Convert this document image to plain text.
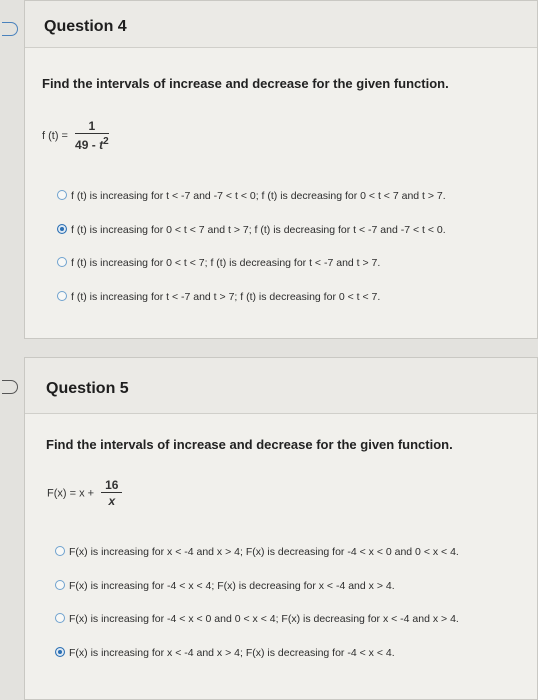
Question 4
Find the intervals of increase and decrease for the given function.
f $(t) = \frac{1}{49 - t^2}$
f (t) is increasing for t < -7 and -7 < t < 0; f (t) is decreasing for 0 < t < 7 and t > 7.
f (t) is increasing for 0 < t < 7 and t > 7; f (t) is decreasing for t < -7 and -7 < t < 0.
f (t) is increasing for 0 < t < 7; f (t) is decreasing for t < -7 and t > 7.
f (t) is increasing for t < -7 and t > 7; f (t) is decreasing for 0 < t < 7.
Question 5
Find the intervals of increase and decrease for the given function.
$F(x) = x + \frac{16}{x}$
F(x) is increasing for x < -4 and x > 4; F(x) is decreasing for -4 < x < 0 and 0 < x < 4.
F(x) is increasing for -4 < x < 4; F(x) is decreasing for x < -4 and x > 4.
F(x) is increasing for -4 < x < 0 and 0 < x < 4; F(x) is decreasing for x < -4 and x > 4.
F(x) is increasing for x < -4 and x > 4; F(x) is decreasing for -4 < x < 4.
